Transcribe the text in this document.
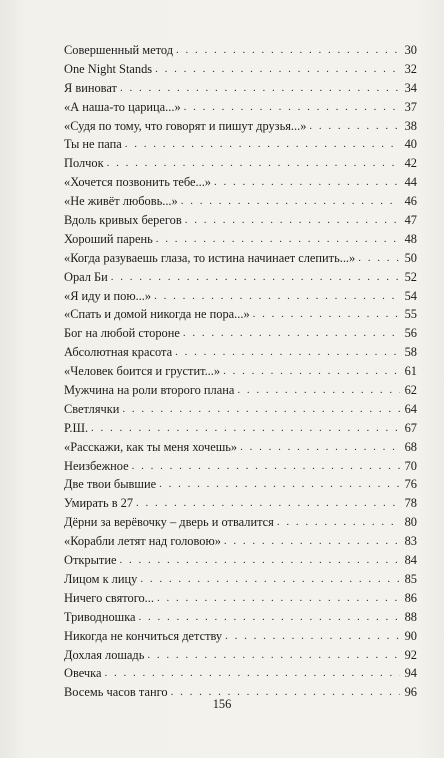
Совершенный метод . . .	30
One Night Stands . . .	32
Я виноват . . .	34
«А наша-то царица...» . . .	37
«Судя по тому, что говорят и пишут друзья...» . . .	38
Ты не папа . . .	40
Полчок . . .	42
«Хочется позвонить тебе...» . . .	44
«Не живёт любовь...» . . .	46
Вдоль кривых берегов . . .	47
Хороший парень . . .	48
«Когда разуваешь глаза, то истина начинает слепить...» . . .	50
Орал Би . . .	52
«Я иду и пою...» . . .	54
«Спать и домой никогда не пора...» . . .	55
Бог на любой стороне . . .	56
Абсолютная красота . . .	58
«Человек боится и грустит...» . . .	61
Мужчина на роли второго плана . . .	62
Светлячки . . .	64
Р.Ш. . . .	67
«Расскажи, как ты меня хочешь» . . .	68
Неизбежное . . .	70
Две твои бывшие . . .	76
Умирать в 27 . . .	78
Дёрни за верёвочку – дверь и отвалится . . .	80
«Корабли летят над головою» . . .	83
Открытие . . .	84
Лицом к лицу . . .	85
Ничего святого... . . .	86
Триводношка . . .	88
Никогда не кончиться детству . . .	90
Дохлая лошадь . . .	92
Овечка . . .	94
Восемь часов танго . . .	96
156
